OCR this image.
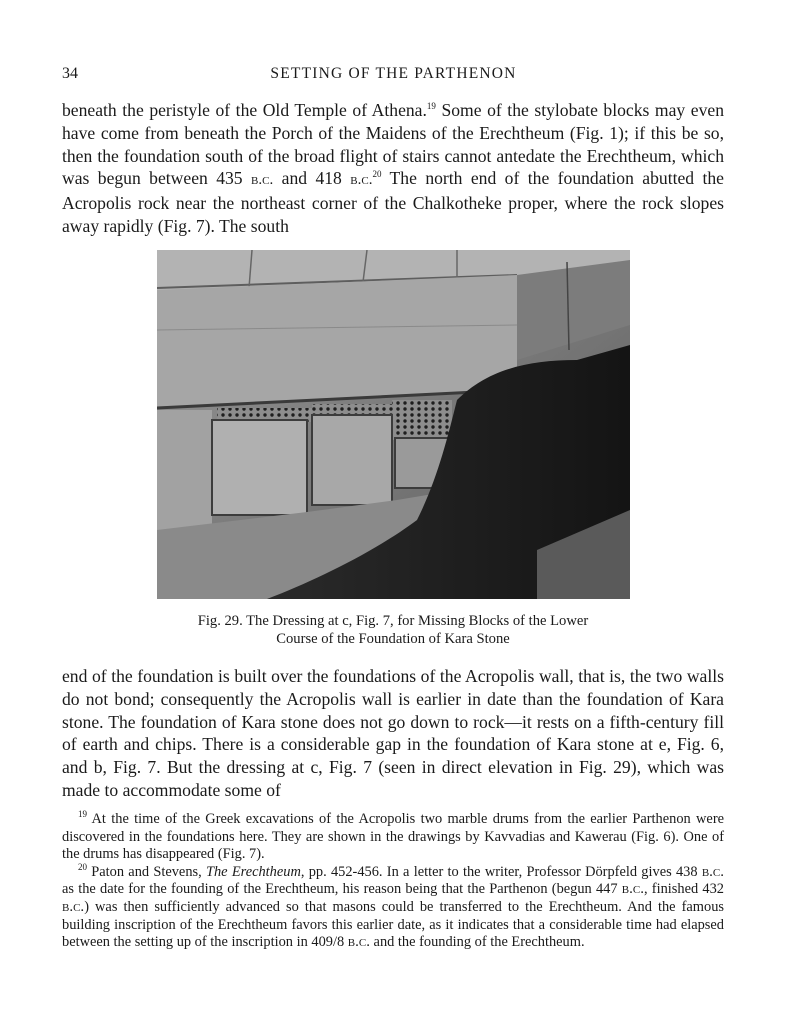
34	SETTING OF THE PARTHENON

beneath the peristyle of the Old Temple of Athena.$^{19}$ Some of the stylobate blocks may even have come from beneath the Porch of the Maidens of the Erechtheum (Fig. 1); if this be so, then the foundation south of the broad flight of stairs cannot antedate the Erechtheum, which was begun between 435 b.c. and 418 b.c.$^{20}$ The north end of the foundation abutted the Acropolis rock near the northeast corner of the Chalkotheke proper, where the rock slopes away rapidly (Fig. 7). The south

Fig. 29. The Dressing at c, Fig. 7, for Missing Blocks of the Lower
Course of the Foundation of Kara Stone

end of the foundation is built over the foundations of the Acropolis wall, that is, the two walls do not bond; consequently the Acropolis wall is earlier in date than the foundation of Kara stone. The foundation of Kara stone does not go down to rock—it rests on a fifth-century fill of earth and chips. There is a considerable gap in the foundation of Kara stone at e, Fig. 6, and b, Fig. 7. But the dressing at c, Fig. 7 (seen in direct elevation in Fig. 29), which was made to accommodate some of

$^{19}$ At the time of the Greek excavations of the Acropolis two marble drums from the earlier Parthenon were discovered in the foundations here. They are shown in the drawings by Kavvadias and Kawerau (Fig. 6). One of the drums has disappeared (Fig. 7).

$^{20}$ Paton and Stevens, The Erechtheum, pp. 452-456. In a letter to the writer, Professor Dörpfeld gives 438 b.c. as the date for the founding of the Erechtheum, his reason being that the Parthenon (begun 447 b.c., finished 432 b.c.) was then sufficiently advanced so that masons could be transferred to the Erechtheum. And the famous building inscription of the Erechtheum favors this earlier date, as it indicates that a considerable time had elapsed between the setting up of the inscription in 409/8 b.c. and the founding of the Erechtheum.
